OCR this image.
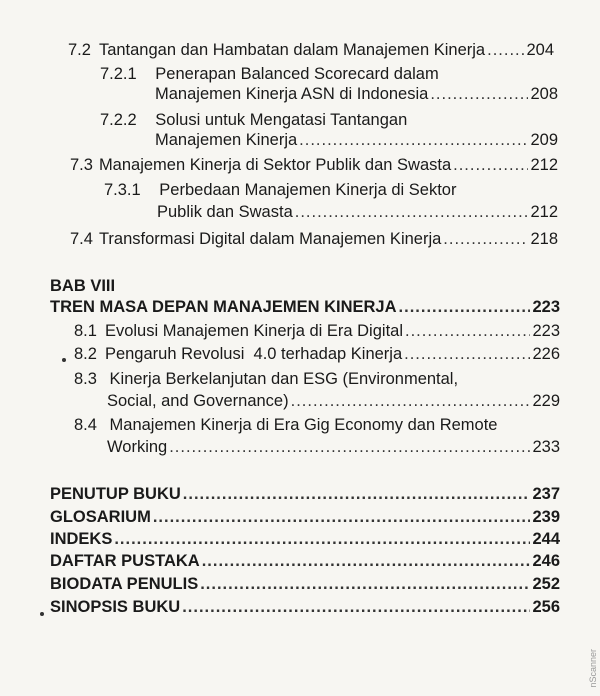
7.2 Tantangan dan Hambatan dalam Manajemen Kinerja .....	204
7.2.1 Penerapan Balanced Scorecard dalam
Manajemen Kinerja ASN di Indonesia .....	208
7.2.2 Solusi untuk Mengatasi Tantangan
Manajemen Kinerja .....	209
7.3 Manajemen Kinerja di Sektor Publik dan Swasta .....	212
7.3.1 Perbedaan Manajemen Kinerja di Sektor
Publik dan Swasta .....	212
7.4 Transformasi Digital dalam Manajemen Kinerja .....	218
BAB VIII
TREN MASA DEPAN MANAJEMEN KINERJA .....	223
8.1 Evolusi Manajemen Kinerja di Era Digital .....	223
8.2 Pengaruh Revolusi  4.0 terhadap Kinerja .....	226
8.3 Kinerja Berkelanjutan dan ESG (Environmental,
Social, and Governance) .....	229
8.4 Manajemen Kinerja di Era Gig Economy dan Remote
Working .....	233
PENUTUP BUKU .....	237
GLOSARIUM .....	239
INDEKS .....	244
DAFTAR PUSTAKA .....	246
BIODATA PENULIS .....	252
SINOPSIS BUKU .....	256
nScanner
